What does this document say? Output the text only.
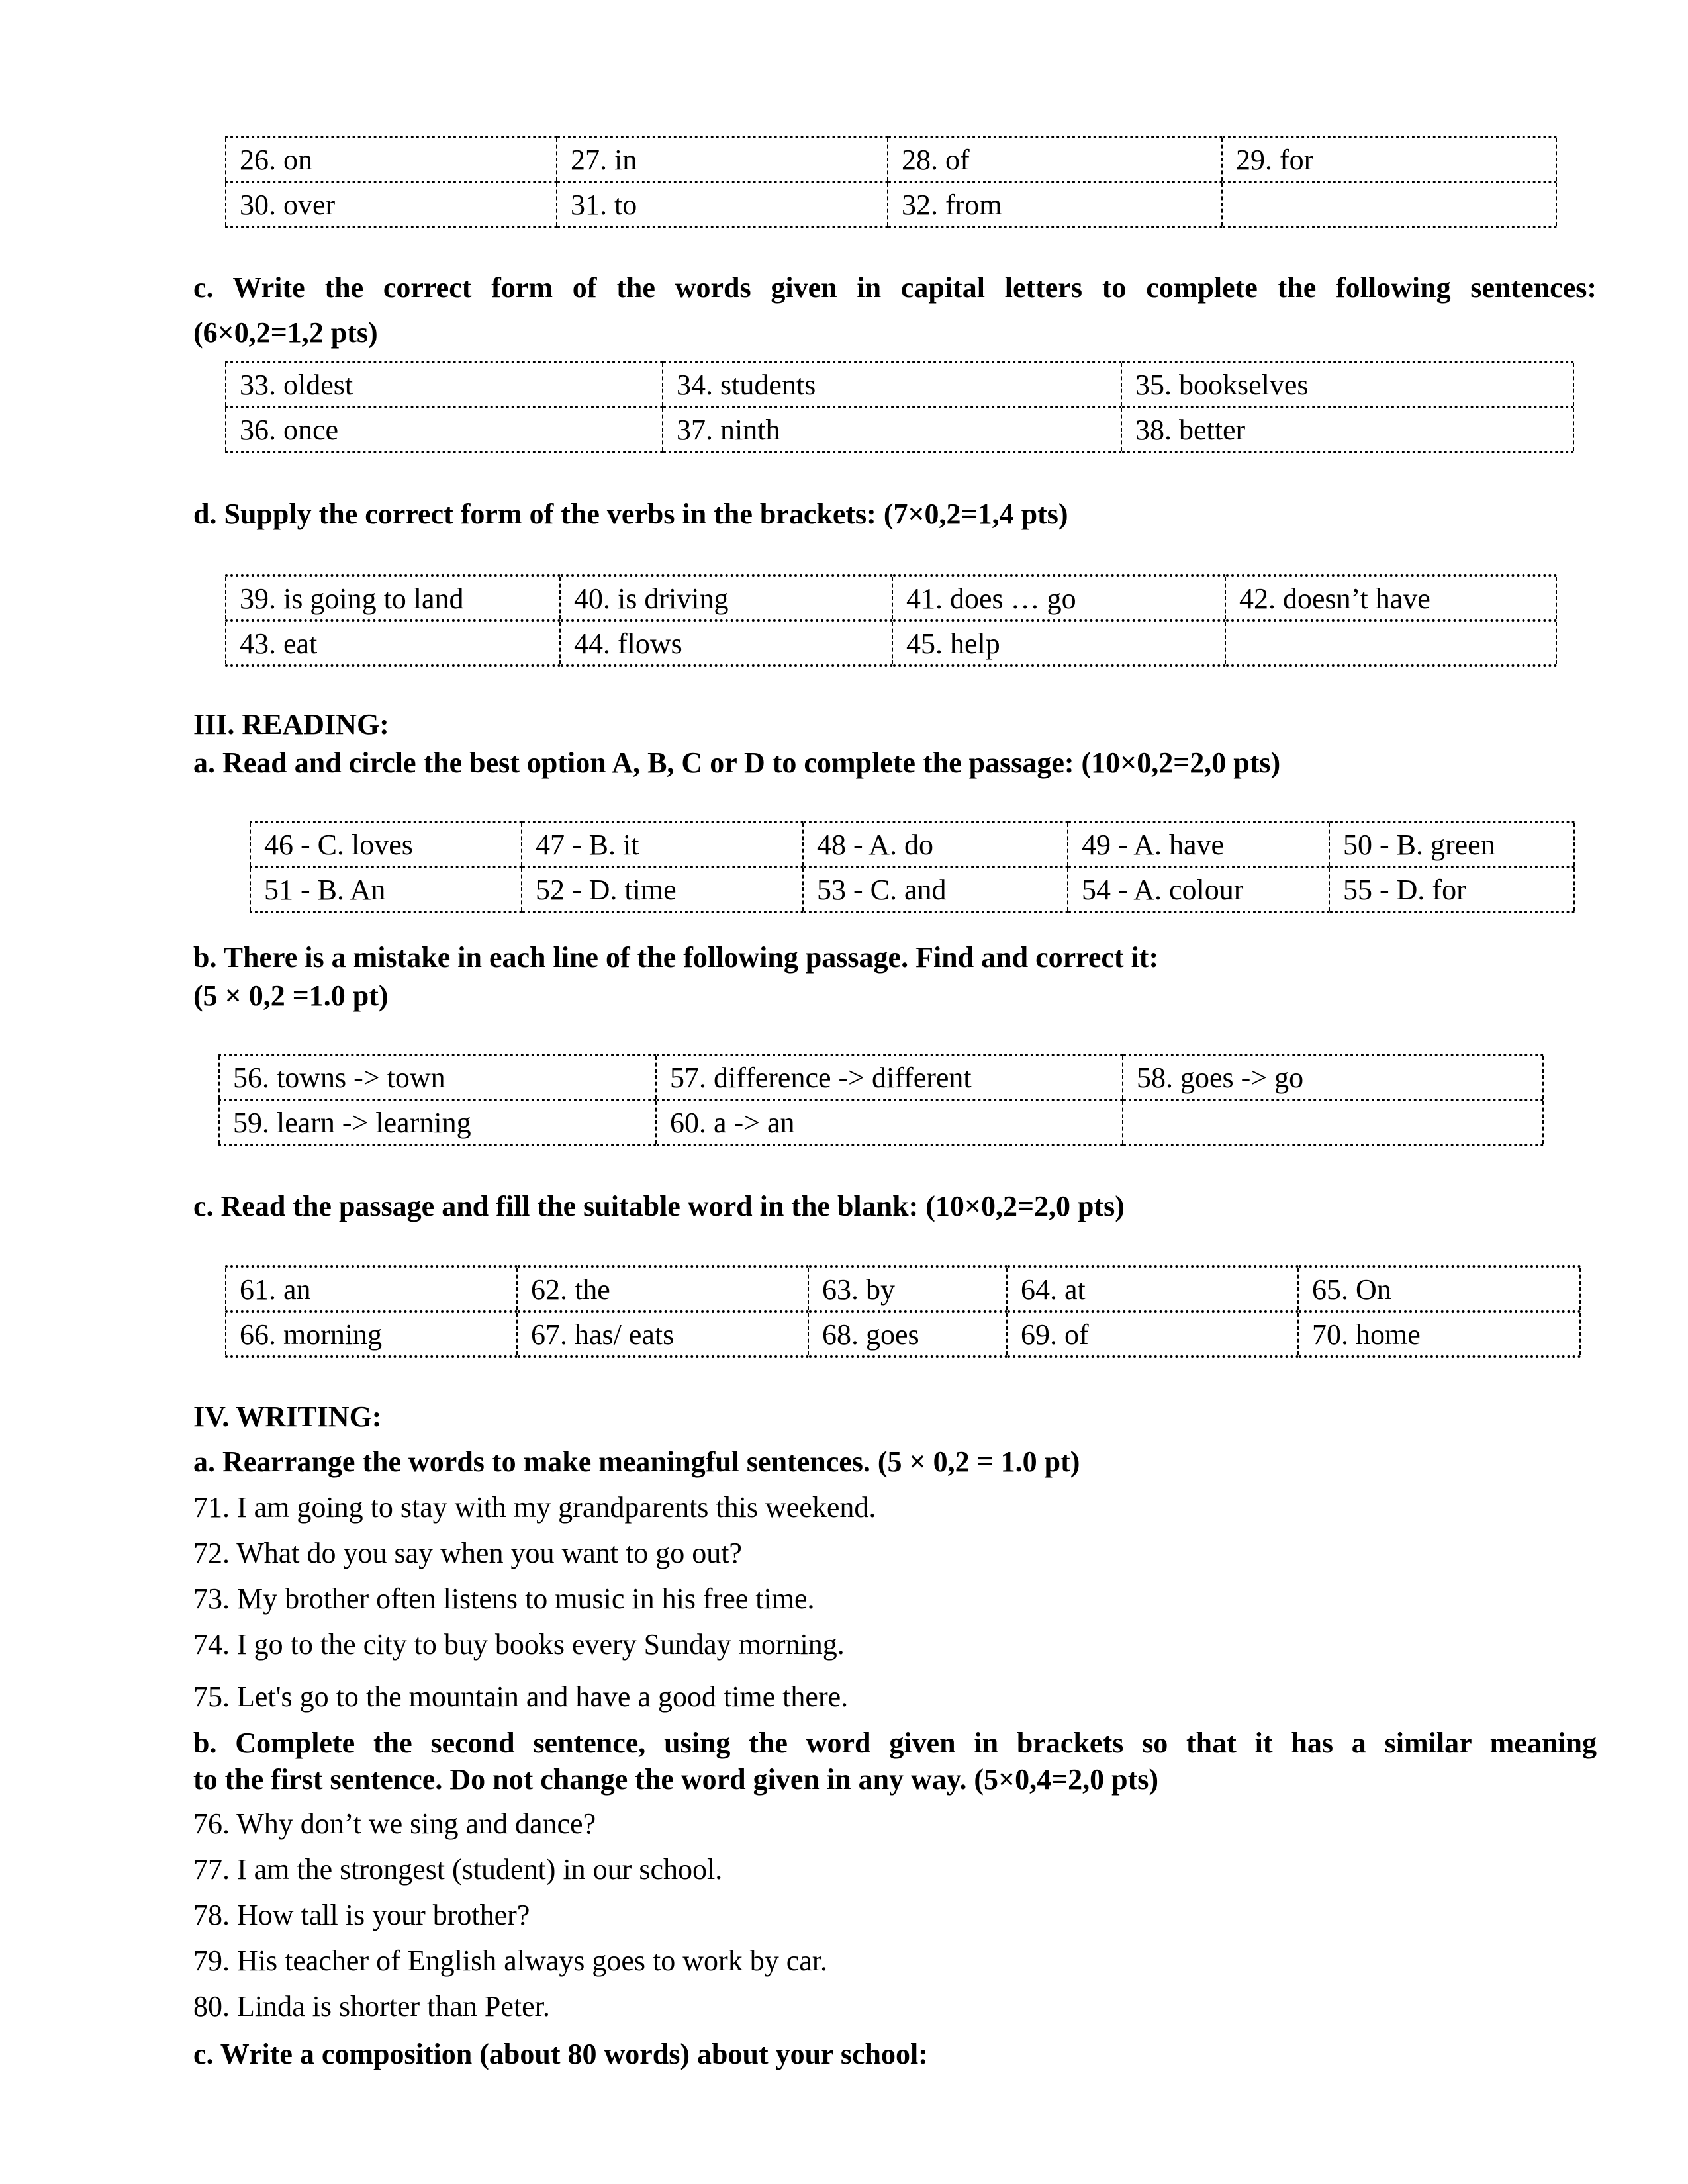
26. on	27. in	28. of	29. for
30. over	31. to	32. from	
c. Write the correct form of the words given in capital letters to complete the following sentences:
(6×0,2=1,2 pts)
33. oldest	34. students	35. bookselves
36. once	37. ninth	38. better
d. Supply the correct form of the verbs in the brackets: (7×0,2=1,4 pts)
39. is going to land	40. is driving	41. does … go	42. doesn’t have
43. eat	44. flows	45. help	
III. READING:
a. Read and circle the best option A, B, C or D to complete the passage: (10×0,2=2,0 pts)
46 - C. loves	47 - B. it	48 - A. do	49 - A. have	50 - B. green
51 - B. An	52 - D. time	53 - C. and	54 - A. colour	55 - D. for
b. There is a mistake in each line of the following passage. Find and correct it:
(5 × 0,2 =1.0 pt)
56. towns -> town	57. difference -> different	58. goes -> go
59. learn -> learning	60. a -> an	
c. Read the passage and fill the suitable word in the blank: (10×0,2=2,0 pts)
61. an	62. the	63. by	64. at	65. On
66. morning	67. has/ eats	68. goes	69. of	70. home
IV. WRITING:
a. Rearrange the words to make meaningful sentences. (5 × 0,2 = 1.0 pt)
71. I am going to stay with my grandparents this weekend.
72. What do you say when you want to go out?
73. My brother often listens to music in his free time.
74. I go to the city to buy books every Sunday morning.
75. Let's go to the mountain and have a good time there.
b. Complete the second sentence, using the word given in brackets so that it has a similar meaning
to the first sentence. Do not change the word given in any way. (5×0,4=2,0 pts)
76. Why don’t we sing and dance?
77. I am the strongest (student) in our school.
78. How tall is your brother?
79. His teacher of English always goes to work by car.
80. Linda is shorter than Peter.
c. Write a composition (about 80 words) about your school:
